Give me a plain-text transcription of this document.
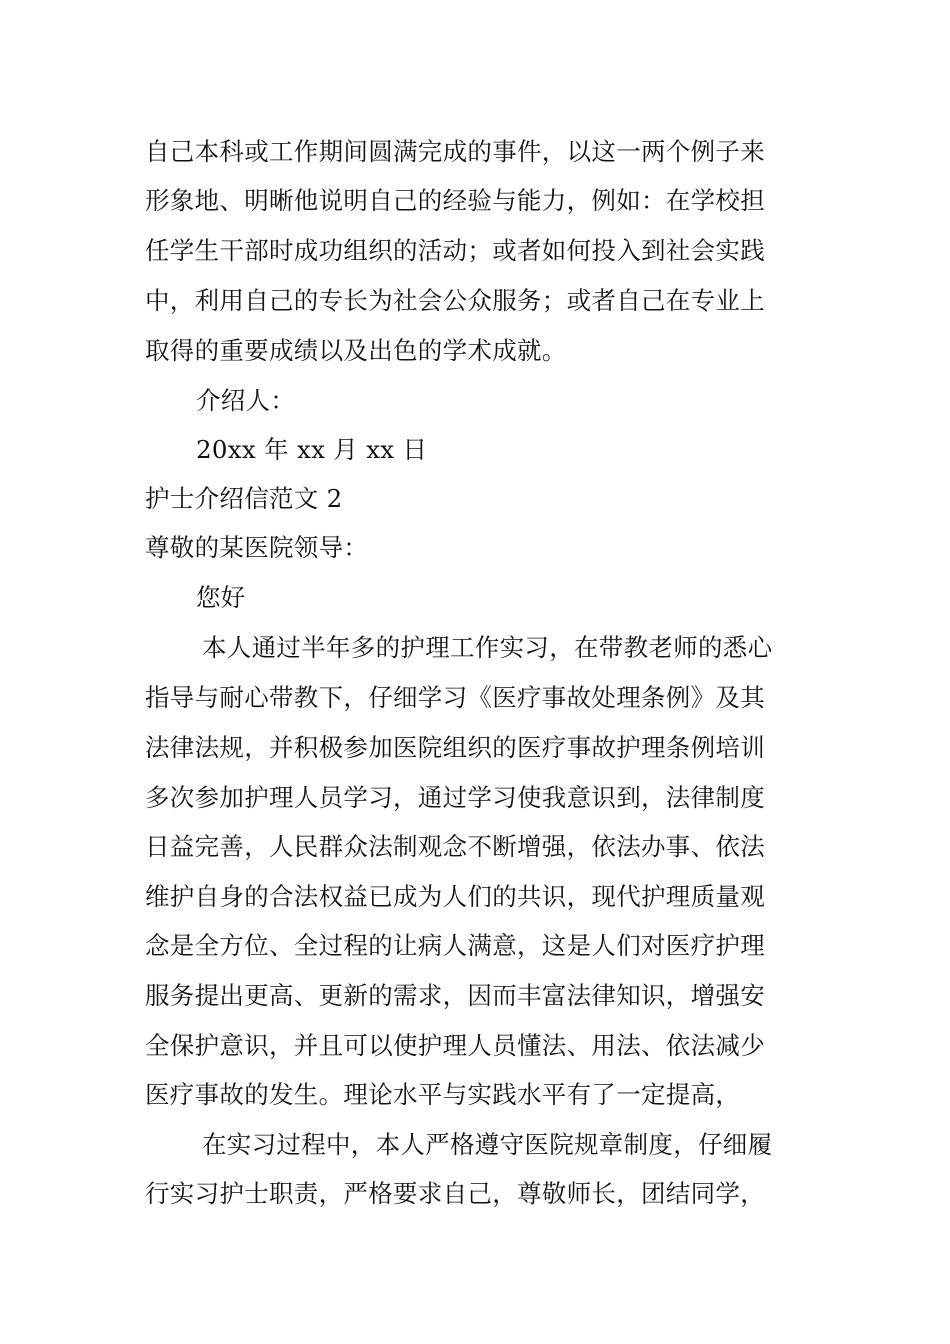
自己本科或工作期间圆满完成的事件，以这一两个例子来
形象地、明晰他说明自己的经验与能力，例如：在学校担
任学生干部时成功组织的活动；或者如何投入到社会实践
中，利用自己的专长为社会公众服务；或者自己在专业上
取得的重要成绩以及出色的学术成就。
介绍人：
20xx 年 xx 月 xx 日
护士介绍信范文 2
尊敬的某医院领导：
您好
本人通过半年多的护理工作实习，在带教老师的悉心
指导与耐心带教下，仔细学习《医疗事故处理条例》及其
法律法规，并积极参加医院组织的医疗事故护理条例培训
多次参加护理人员学习，通过学习使我意识到，法律制度
日益完善，人民群众法制观念不断增强，依法办事、依法
维护自身的合法权益已成为人们的共识，现代护理质量观
念是全方位、全过程的让病人满意，这是人们对医疗护理
服务提出更高、更新的需求，因而丰富法律知识，增强安
全保护意识，并且可以使护理人员懂法、用法、依法减少
医疗事故的发生。理论水平与实践水平有了一定提高，
在实习过程中，本人严格遵守医院规章制度，仔细履
行实习护士职责，严格要求自己，尊敬师长，团结同学，
